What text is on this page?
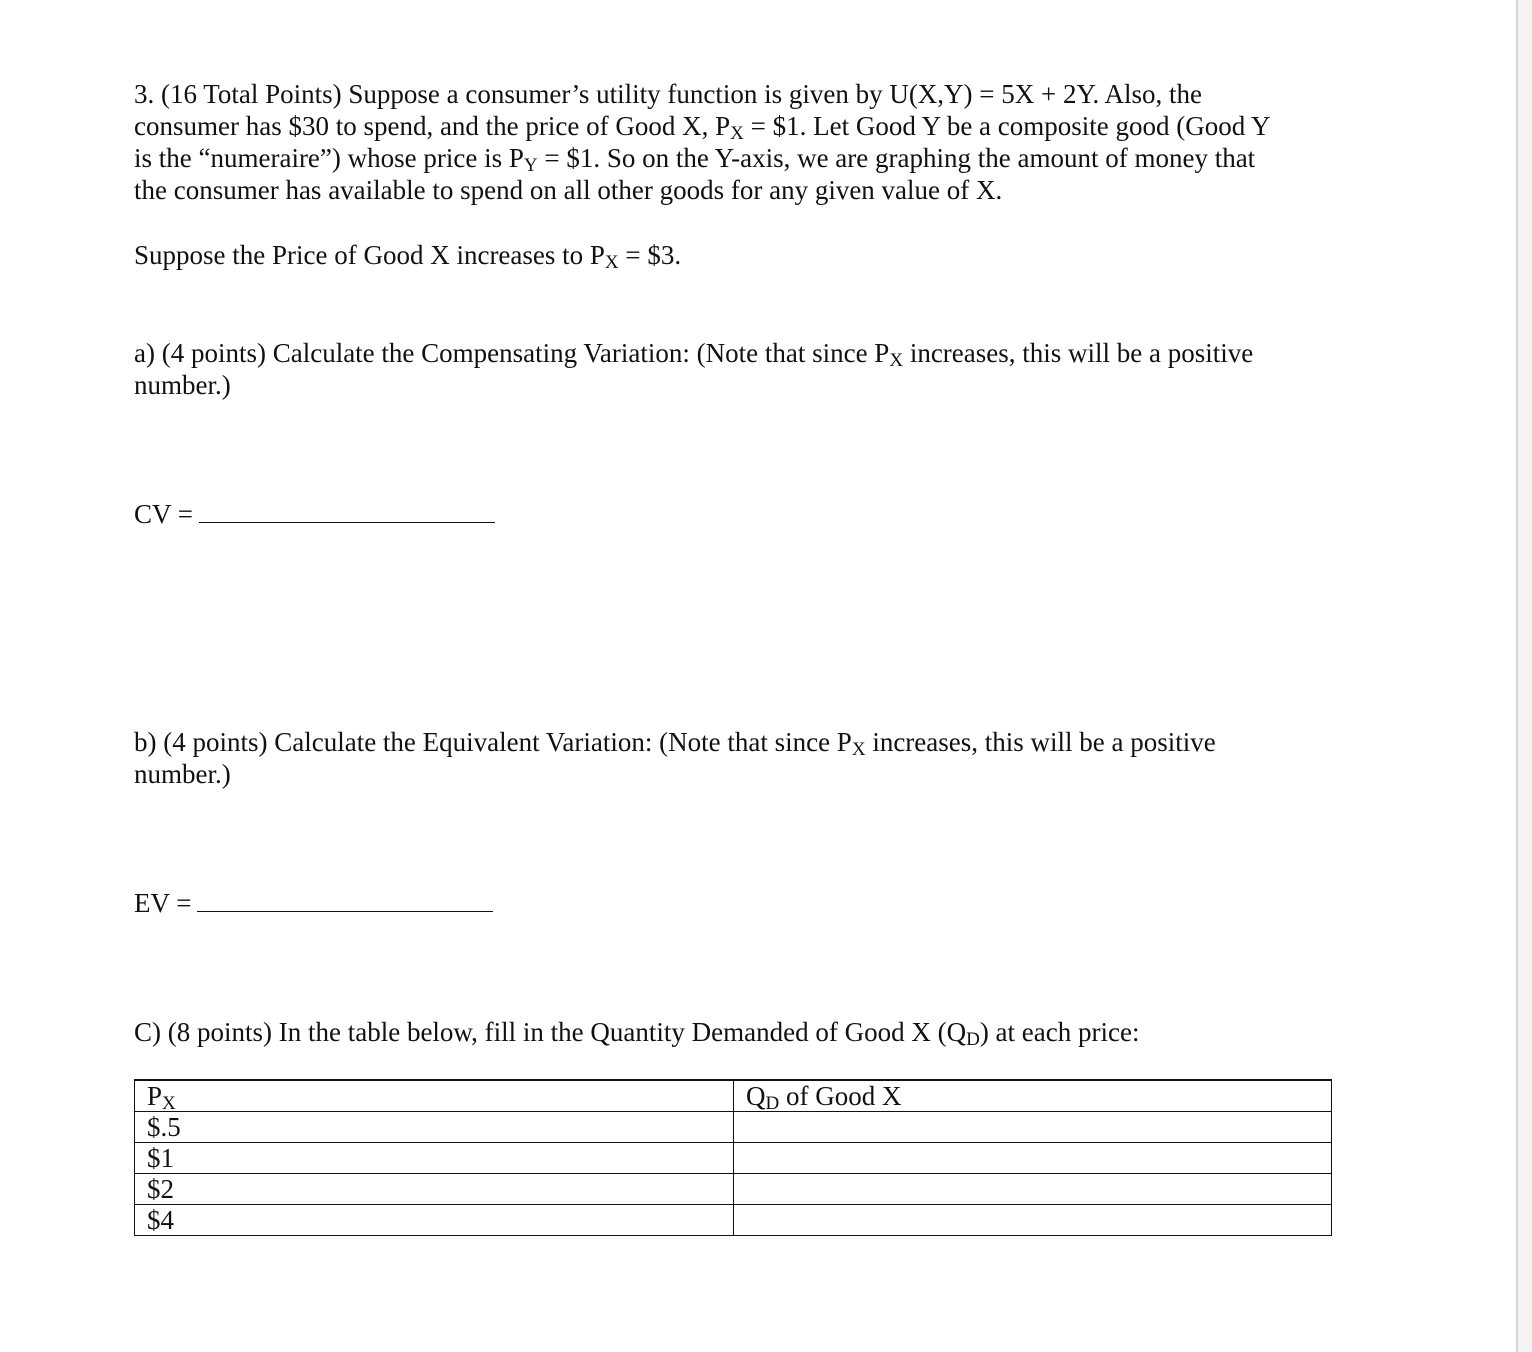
3. (16 Total Points) Suppose a consumer’s utility function is given by U(X,Y) = 5X + 2Y. Also, the
consumer has $30 to spend, and the price of Good X, $P_X$ = $1. Let Good Y be a composite good (Good Y
is the “numeraire”) whose price is $P_Y$ = $1. So on the Y-axis, we are graphing the amount of money that
the consumer has available to spend on all other goods for any given value of X.

Suppose the Price of Good X increases to $P_X$ = $3.

a) (4 points) Calculate the Compensating Variation: (Note that since $P_X$ increases, this will be a positive
number.)

CV =

b) (4 points) Calculate the Equivalent Variation: (Note that since $P_X$ increases, this will be a positive
number.)

EV =

C) (8 points) In the table below, fill in the Quantity Demanded of Good X $(Q_D)$ at each price:

$P_X$	$Q_D$ of Good X
$.5	
$1	
$2	
$4	
